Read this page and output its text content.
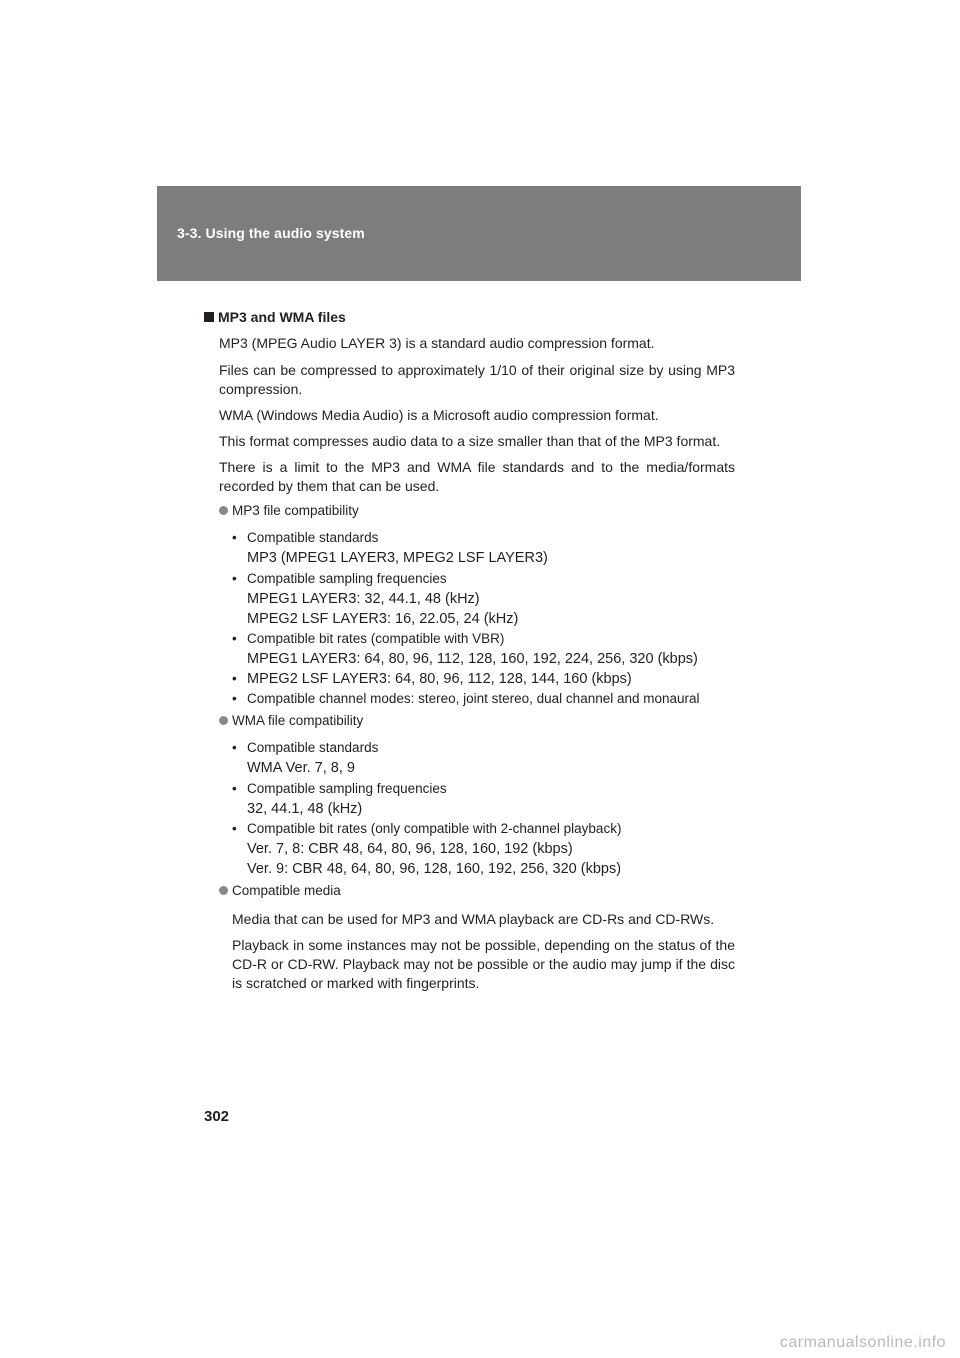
3-3. Using the audio system
MP3 and WMA files
MP3 (MPEG Audio LAYER 3) is a standard audio compression format.
Files can be compressed to approximately 1/10 of their original size by using MP3 compression.
WMA (Windows Media Audio) is a Microsoft audio compression format.
This format compresses audio data to a size smaller than that of the MP3 format.
There is a limit to the MP3 and WMA file standards and to the media/formats recorded by them that can be used.
MP3 file compatibility
• Compatible standards
MP3 (MPEG1 LAYER3, MPEG2 LSF LAYER3)
• Compatible sampling frequencies
MPEG1 LAYER3: 32, 44.1, 48 (kHz)
MPEG2 LSF LAYER3: 16, 22.05, 24 (kHz)
• Compatible bit rates (compatible with VBR)
MPEG1 LAYER3: 64, 80, 96, 112, 128, 160, 192, 224, 256, 320 (kbps)
• MPEG2 LSF LAYER3: 64, 80, 96, 112, 128, 144, 160 (kbps)
• Compatible channel modes: stereo, joint stereo, dual channel and monaural
WMA file compatibility
• Compatible standards
WMA Ver. 7, 8, 9
• Compatible sampling frequencies
32, 44.1, 48 (kHz)
• Compatible bit rates (only compatible with 2-channel playback)
Ver. 7, 8: CBR 48, 64, 80, 96, 128, 160, 192 (kbps)
Ver. 9: CBR 48, 64, 80, 96, 128, 160, 192, 256, 320 (kbps)
Compatible media
Media that can be used for MP3 and WMA playback are CD-Rs and CD-RWs.
Playback in some instances may not be possible, depending on the status of the CD-R or CD-RW. Playback may not be possible or the audio may jump if the disc is scratched or marked with fingerprints.
302
carmanualsonline.info
